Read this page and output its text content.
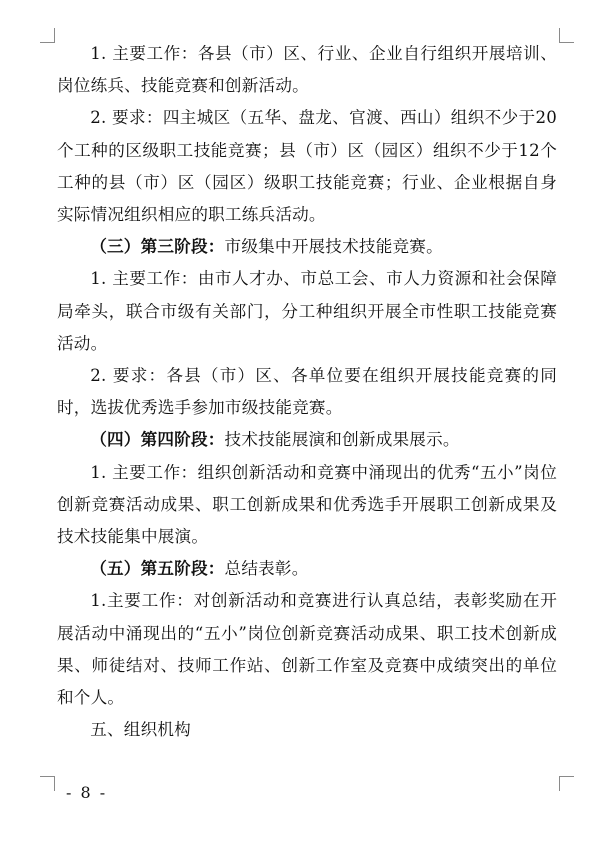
1. 主要工作：各县（市）区、行业、企业自行组织开展培训、岗位练兵、技能竞赛和创新活动。

2. 要求：四主城区（五华、盘龙、官渡、西山）组织不少于20个工种的区级职工技能竞赛；县（市）区（园区）组织不少于12个工种的县（市）区（园区）级职工技能竞赛；行业、企业根据自身实际情况组织相应的职工练兵活动。

（三）第三阶段：市级集中开展技术技能竞赛。

1. 主要工作：由市人才办、市总工会、市人力资源和社会保障局牵头，联合市级有关部门，分工种组织开展全市性职工技能竞赛活动。

2. 要求：各县（市）区、各单位要在组织开展技能竞赛的同时，选拔优秀选手参加市级技能竞赛。

（四）第四阶段：技术技能展演和创新成果展示。

1. 主要工作：组织创新活动和竞赛中涌现出的优秀“五小”岗位创新竞赛活动成果、职工创新成果和优秀选手开展职工创新成果及技术技能集中展演。

（五）第五阶段：总结表彰。

1.主要工作：对创新活动和竞赛进行认真总结，表彰奖励在开展活动中涌现出的“五小”岗位创新竞赛活动成果、职工技术创新成果、师徒结对、技师工作站、创新工作室及竞赛中成绩突出的单位和个人。

五、组织机构

- 8 -
